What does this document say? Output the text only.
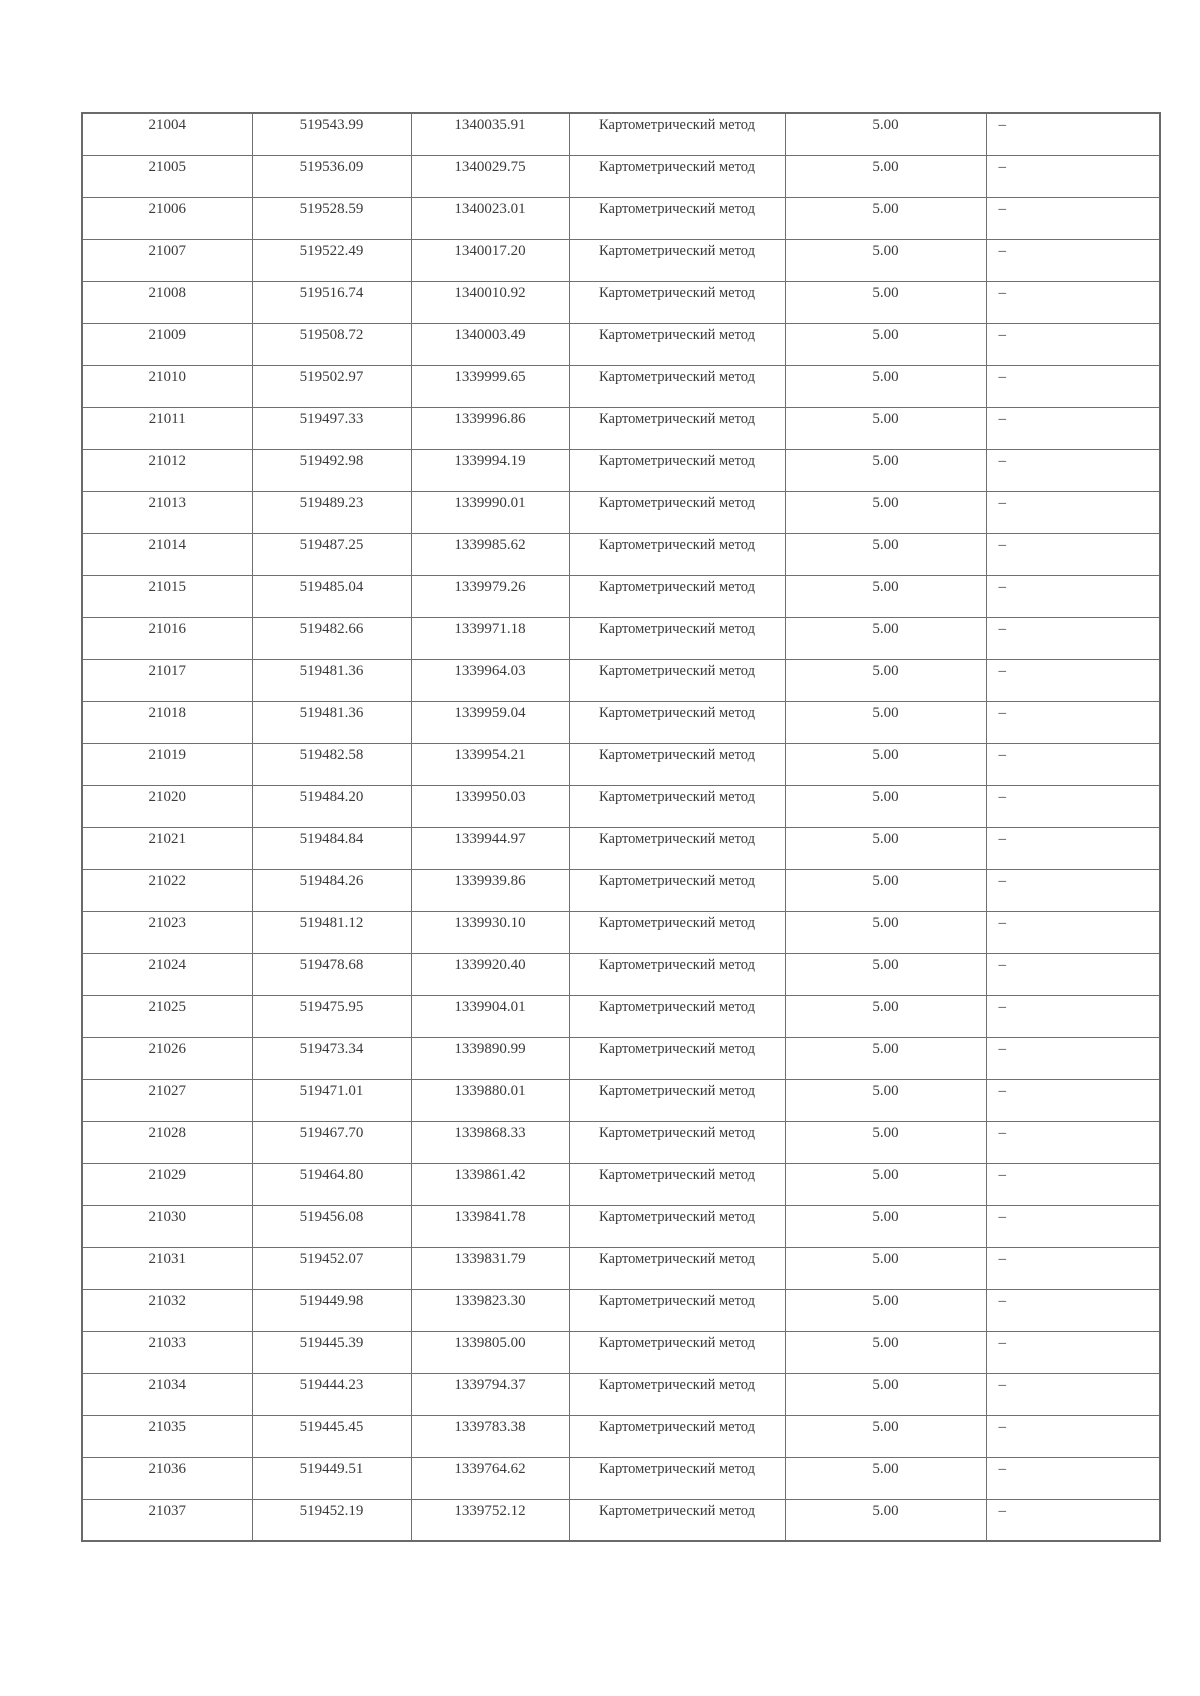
21004	519543.99	1340035.91	Картометрический метод	5.00	–
21005	519536.09	1340029.75	Картометрический метод	5.00	–
21006	519528.59	1340023.01	Картометрический метод	5.00	–
21007	519522.49	1340017.20	Картометрический метод	5.00	–
21008	519516.74	1340010.92	Картометрический метод	5.00	–
21009	519508.72	1340003.49	Картометрический метод	5.00	–
21010	519502.97	1339999.65	Картометрический метод	5.00	–
21011	519497.33	1339996.86	Картометрический метод	5.00	–
21012	519492.98	1339994.19	Картометрический метод	5.00	–
21013	519489.23	1339990.01	Картометрический метод	5.00	–
21014	519487.25	1339985.62	Картометрический метод	5.00	–
21015	519485.04	1339979.26	Картометрический метод	5.00	–
21016	519482.66	1339971.18	Картометрический метод	5.00	–
21017	519481.36	1339964.03	Картометрический метод	5.00	–
21018	519481.36	1339959.04	Картометрический метод	5.00	–
21019	519482.58	1339954.21	Картометрический метод	5.00	–
21020	519484.20	1339950.03	Картометрический метод	5.00	–
21021	519484.84	1339944.97	Картометрический метод	5.00	–
21022	519484.26	1339939.86	Картометрический метод	5.00	–
21023	519481.12	1339930.10	Картометрический метод	5.00	–
21024	519478.68	1339920.40	Картометрический метод	5.00	–
21025	519475.95	1339904.01	Картометрический метод	5.00	–
21026	519473.34	1339890.99	Картометрический метод	5.00	–
21027	519471.01	1339880.01	Картометрический метод	5.00	–
21028	519467.70	1339868.33	Картометрический метод	5.00	–
21029	519464.80	1339861.42	Картометрический метод	5.00	–
21030	519456.08	1339841.78	Картометрический метод	5.00	–
21031	519452.07	1339831.79	Картометрический метод	5.00	–
21032	519449.98	1339823.30	Картометрический метод	5.00	–
21033	519445.39	1339805.00	Картометрический метод	5.00	–
21034	519444.23	1339794.37	Картометрический метод	5.00	–
21035	519445.45	1339783.38	Картометрический метод	5.00	–
21036	519449.51	1339764.62	Картометрический метод	5.00	–
21037	519452.19	1339752.12	Картометрический метод	5.00	–
